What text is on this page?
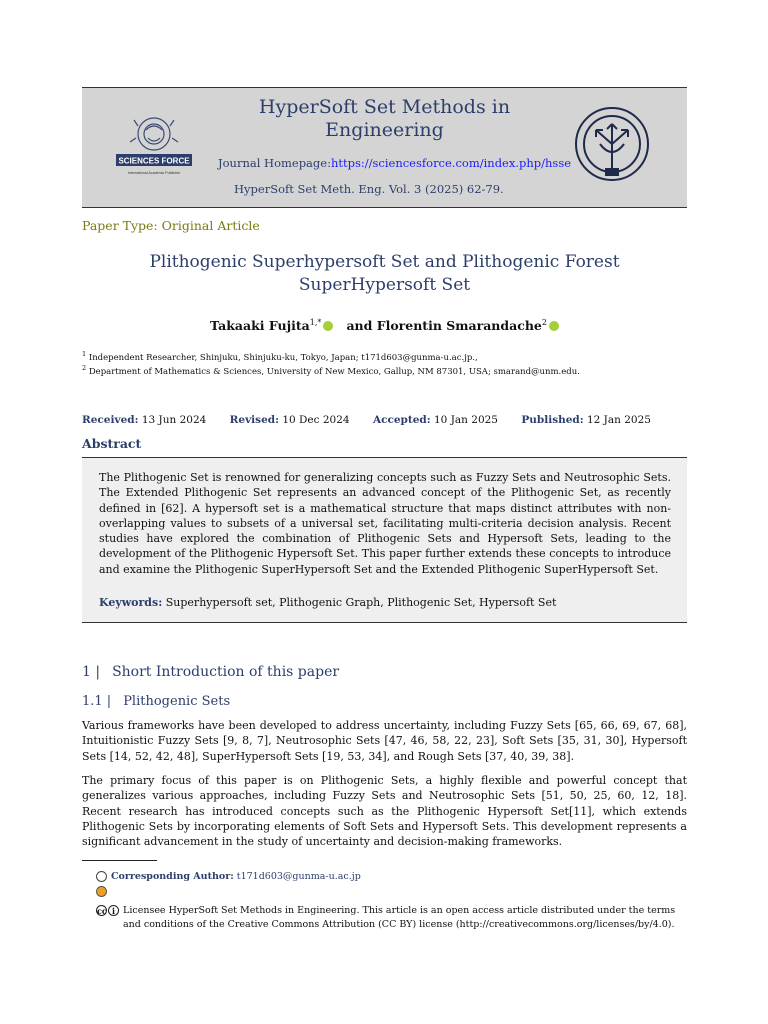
HyperSoft Set Methods in
Engineering
SCIENCES FORCE
International Academic Publisher
Journal Homepage:https://sciencesforce.com/index.php/hsse
HyperSoft Set Meth. Eng. Vol. 3 (2025) 62-79.
Paper Type: Original Article
Plithogenic Superhypersoft Set and Plithogenic Forest
SuperHypersoft Set
Takaaki Fujita$^{1,*}$ and Florentin Smarandache$^2$
$^1$ Independent Researcher, Shinjuku, Shinjuku-ku, Tokyo, Japan; t171d603@gunma-u.ac.jp.,
$^2$ Department of Mathematics & Sciences, University of New Mexico, Gallup, NM 87301, USA; smarand@unm.edu.
Received: 13 Jun 2024 Revised: 10 Dec 2024 Accepted: 10 Jan 2025 Published: 12 Jan 2025
Abstract
The Plithogenic Set is renowned for generalizing concepts such as Fuzzy Sets and Neutrosophic Sets. The Extended Plithogenic Set represents an advanced concept of the Plithogenic Set, as recently defined in [62]. A hypersoft set is a mathematical structure that maps distinct attributes with non-overlapping values to subsets of a universal set, facilitating multi-criteria decision analysis. Recent studies have explored the combination of Plithogenic Sets and Hypersoft Sets, leading to the development of the Plithogenic Hypersoft Set. This paper further extends these concepts to introduce and examine the Plithogenic SuperHypersoft Set and the Extended Plithogenic SuperHypersoft Set.
Keywords: Superhypersoft set, Plithogenic Graph, Plithogenic Set, Hypersoft Set
1 | Short Introduction of this paper
1.1 | Plithogenic Sets
Various frameworks have been developed to address uncertainty, including Fuzzy Sets [65, 66, 69, 67, 68], Intuitionistic Fuzzy Sets [9, 8, 7], Neutrosophic Sets [47, 46, 58, 22, 23], Soft Sets [35, 31, 30], Hypersoft Sets [14, 52, 42, 48], SuperHypersoft Sets [19, 53, 34], and Rough Sets [37, 40, 39, 38].
The primary focus of this paper is on Plithogenic Sets, a highly flexible and powerful concept that generalizes various approaches, including Fuzzy Sets and Neutrosophic Sets [51, 50, 25, 60, 12, 18]. Recent research has introduced concepts such as the Plithogenic Hypersoft Set[11], which extends Plithogenic Sets by incorporating elements of Soft Sets and Hypersoft Sets. This development represents a significant advancement in the study of uncertainty and decision-making frameworks.
Corresponding Author: t171d603@gunma-u.ac.jp
cc i Licensee HyperSoft Set Methods in Engineering. This article is an open access article distributed under the terms
and conditions of the Creative Commons Attribution (CC BY) license (http://creativecommons.org/licenses/by/4.0).
